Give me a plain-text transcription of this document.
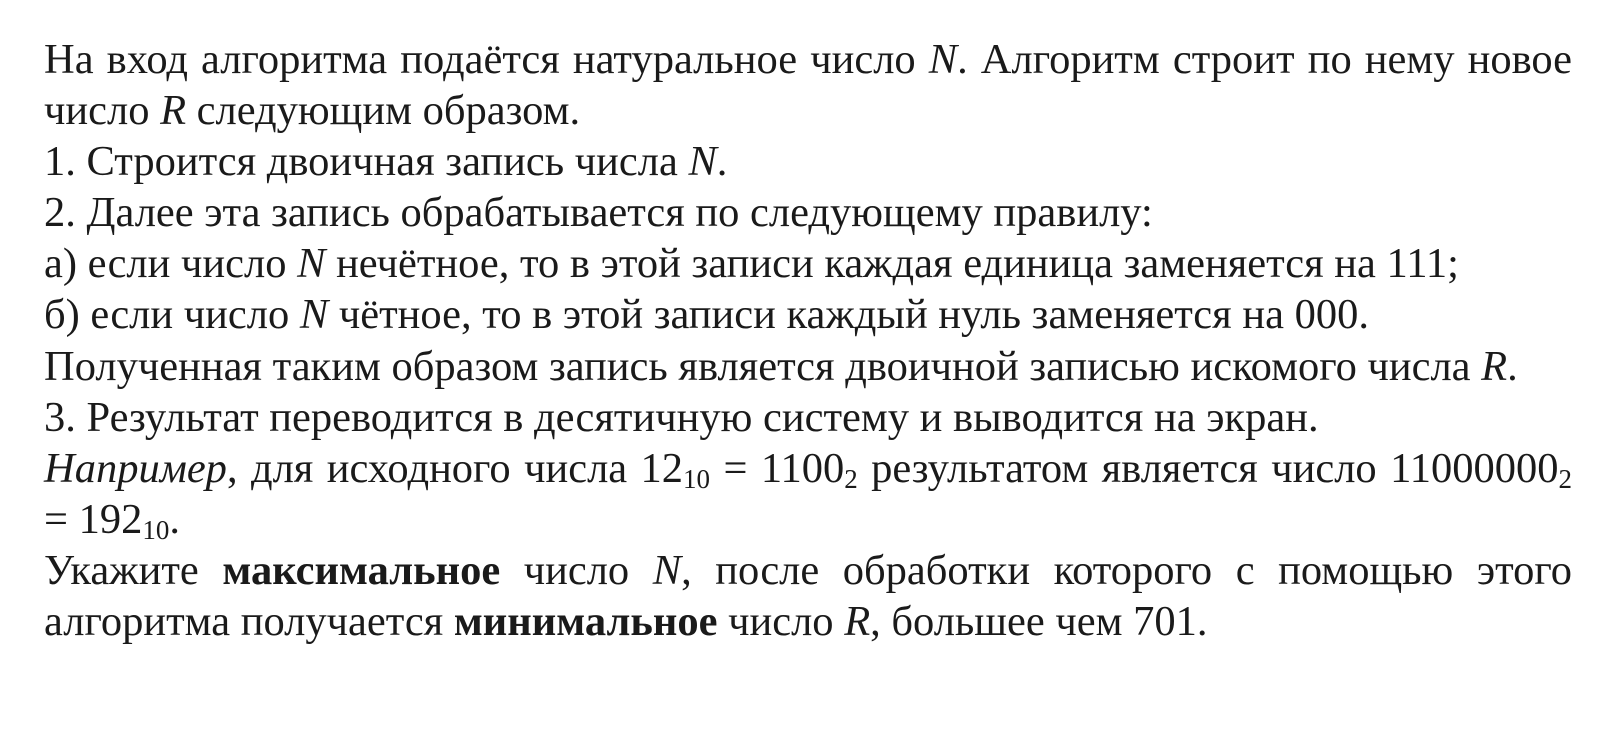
На вход алгоритма подаётся натуральное число N. Алгоритм строит по нему новое число R следующим образом.

1. Строится двоичная запись числа N.

2. Далее эта запись обрабатывается по следующему правилу:

а) если число N нечётное, то в этой записи каждая единица заменяется на 111;

б) если число N чётное, то в этой записи каждый нуль заменяется на 000.

Полученная таким образом запись является двоичной записью искомого числа R.

3. Результат переводится в десятичную систему и выводится на экран.

Например, для исходного числа $12_{10} = 1100_2$ результатом является число $11000000_2 = 192_{10}$.

Укажите максимальное число N, после обработки которого с помощью этого алгоритма получается минимальное число R, большее чем 701.
